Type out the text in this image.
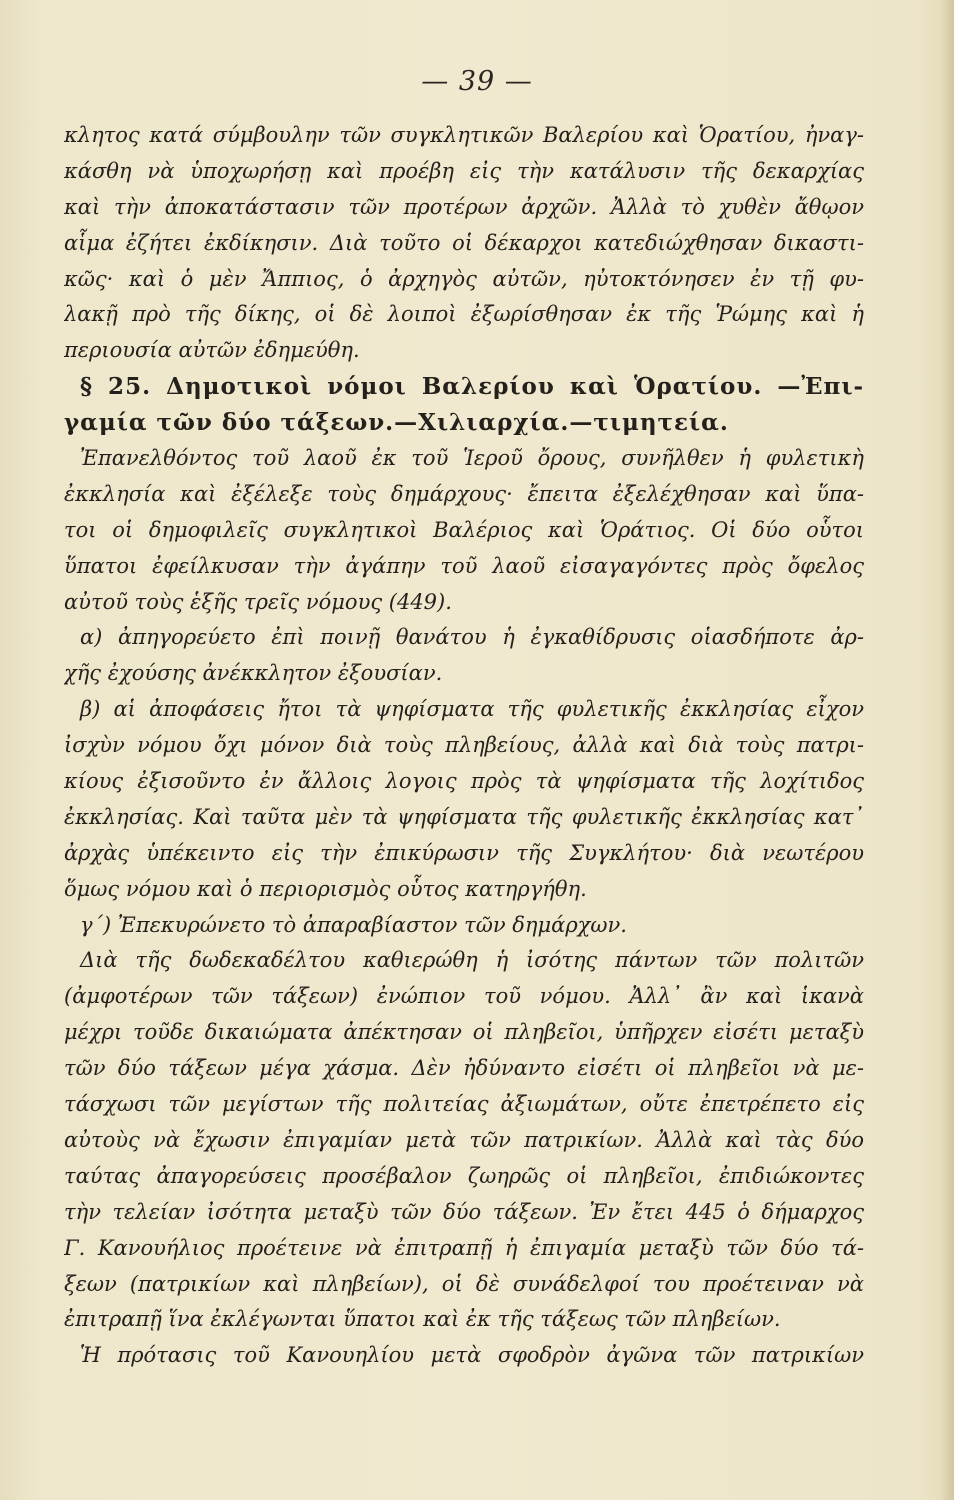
— 39 —
κλητος κατά σύμβουλην τῶν συγκλητικῶν Βαλερίου καὶ Ὁρατίου, ἠναγ-
κάσθη νὰ ὑποχωρήσῃ καὶ προέβη εἰς τὴν κατάλυσιν τῆς δεκαρχίας
καὶ τὴν ἀποκατάστασιν τῶν προτέρων ἀρχῶν. Ἀλλὰ τὸ χυθὲν ἄθῳον
αἷμα ἐζήτει ἐκδίκησιν. Διὰ τοῦτο οἱ δέκαρχοι κατεδιώχθησαν δικαστι-
κῶς· καὶ ὁ μὲν Ἄππιος, ὁ ἀρχηγὸς αὐτῶν, ηὐτοκτόνησεν ἐν τῇ φυ-
λακῇ πρὸ τῆς δίκης, οἱ δὲ λοιποὶ ἐξωρίσθησαν ἐκ τῆς Ῥώμης καὶ ἡ
περιουσία αὐτῶν ἐδημεύθη.
§ 25. Δημοτικοὶ νόμοι Βαλερίου καὶ Ὁρατίου. —Ἐπι-
γαμία τῶν δύο τάξεων.—Χιλιαρχία.—τιμητεία.
Ἐπανελθόντος τοῦ λαοῦ ἐκ τοῦ Ἱεροῦ ὄρους, συνῆλθεν ἡ φυλετικὴ
ἐκκλησία καὶ ἐξέλεξε τοὺς δημάρχους· ἔπειτα ἐξελέχθησαν καὶ ὕπα-
τοι οἱ δημοφιλεῖς συγκλητικοὶ Βαλέριος καὶ Ὁράτιος. Οἱ δύο οὗτοι
ὕπατοι ἐφείλκυσαν τὴν ἀγάπην τοῦ λαοῦ εἰσαγαγόντες πρὸς ὄφελος
αὐτοῦ τοὺς ἑξῆς τρεῖς νόμους (449).
α) ἀπηγορεύετο ἐπὶ ποινῇ θανάτου ἡ ἐγκαθίδρυσις οἱασδήποτε ἀρ-
χῆς ἐχούσης ἀνέκκλητον ἐξουσίαν.
β) αἱ ἀποφάσεις ἤτοι τὰ ψηφίσματα τῆς φυλετικῆς ἐκκλησίας εἶχον
ἰσχὺν νόμου ὄχι μόνον διὰ τοὺς πληβείους, ἀλλὰ καὶ διὰ τοὺς πατρι-
κίους ἐξισοῦντο ἐν ἄλλοις λογοις πρὸς τὰ ψηφίσματα τῆς λοχίτιδος
ἐκκλησίας. Καὶ ταῦτα μὲν τὰ ψηφίσματα τῆς φυλετικῆς ἐκκλησίας κατ᾽
ἀρχὰς ὑπέκειντο εἰς τὴν ἐπικύρωσιν τῆς Συγκλήτου· διὰ νεωτέρου
ὅμως νόμου καὶ ὁ περιορισμὸς οὗτος κατηργήθη.
γ´) Ἐπεκυρώνετο τὸ ἀπαραβίαστον τῶν δημάρχων.
Διὰ τῆς δωδεκαδέλτου καθιερώθη ἡ ἰσότης πάντων τῶν πολιτῶν
(ἀμφοτέρων τῶν τάξεων) ἐνώπιον τοῦ νόμου. Ἀλλ᾽ ἂν καὶ ἱκανὰ
μέχρι τοῦδε δικαιώματα ἀπέκτησαν οἱ πληβεῖοι, ὑπῆρχεν εἰσέτι μεταξὺ
τῶν δύο τάξεων μέγα χάσμα. Δὲν ἠδύναντο εἰσέτι οἱ πληβεῖοι νὰ με-
τάσχωσι τῶν μεγίστων τῆς πολιτείας ἀξιωμάτων, οὔτε ἐπετρέπετο εἰς
αὐτοὺς νὰ ἔχωσιν ἐπιγαμίαν μετὰ τῶν πατρικίων. Ἀλλὰ καὶ τὰς δύο
ταύτας ἀπαγορεύσεις προσέβαλον ζωηρῶς οἱ πληβεῖοι, ἐπιδιώκοντες
τὴν τελείαν ἰσότητα μεταξὺ τῶν δύο τάξεων. Ἐν ἔτει 445 ὁ δήμαρχος
Γ. Κανουήλιος προέτεινε νὰ ἐπιτραπῇ ἡ ἐπιγαμία μεταξὺ τῶν δύο τά-
ξεων (πατρικίων καὶ πληβείων), οἱ δὲ συνάδελφοί του προέτειναν νὰ
ἐπιτραπῇ ἵνα ἐκλέγωνται ὕπατοι καὶ ἐκ τῆς τάξεως τῶν πληβείων.
Ἡ πρότασις τοῦ Κανουηλίου μετὰ σφοδρὸν ἀγῶνα τῶν πατρικίων
